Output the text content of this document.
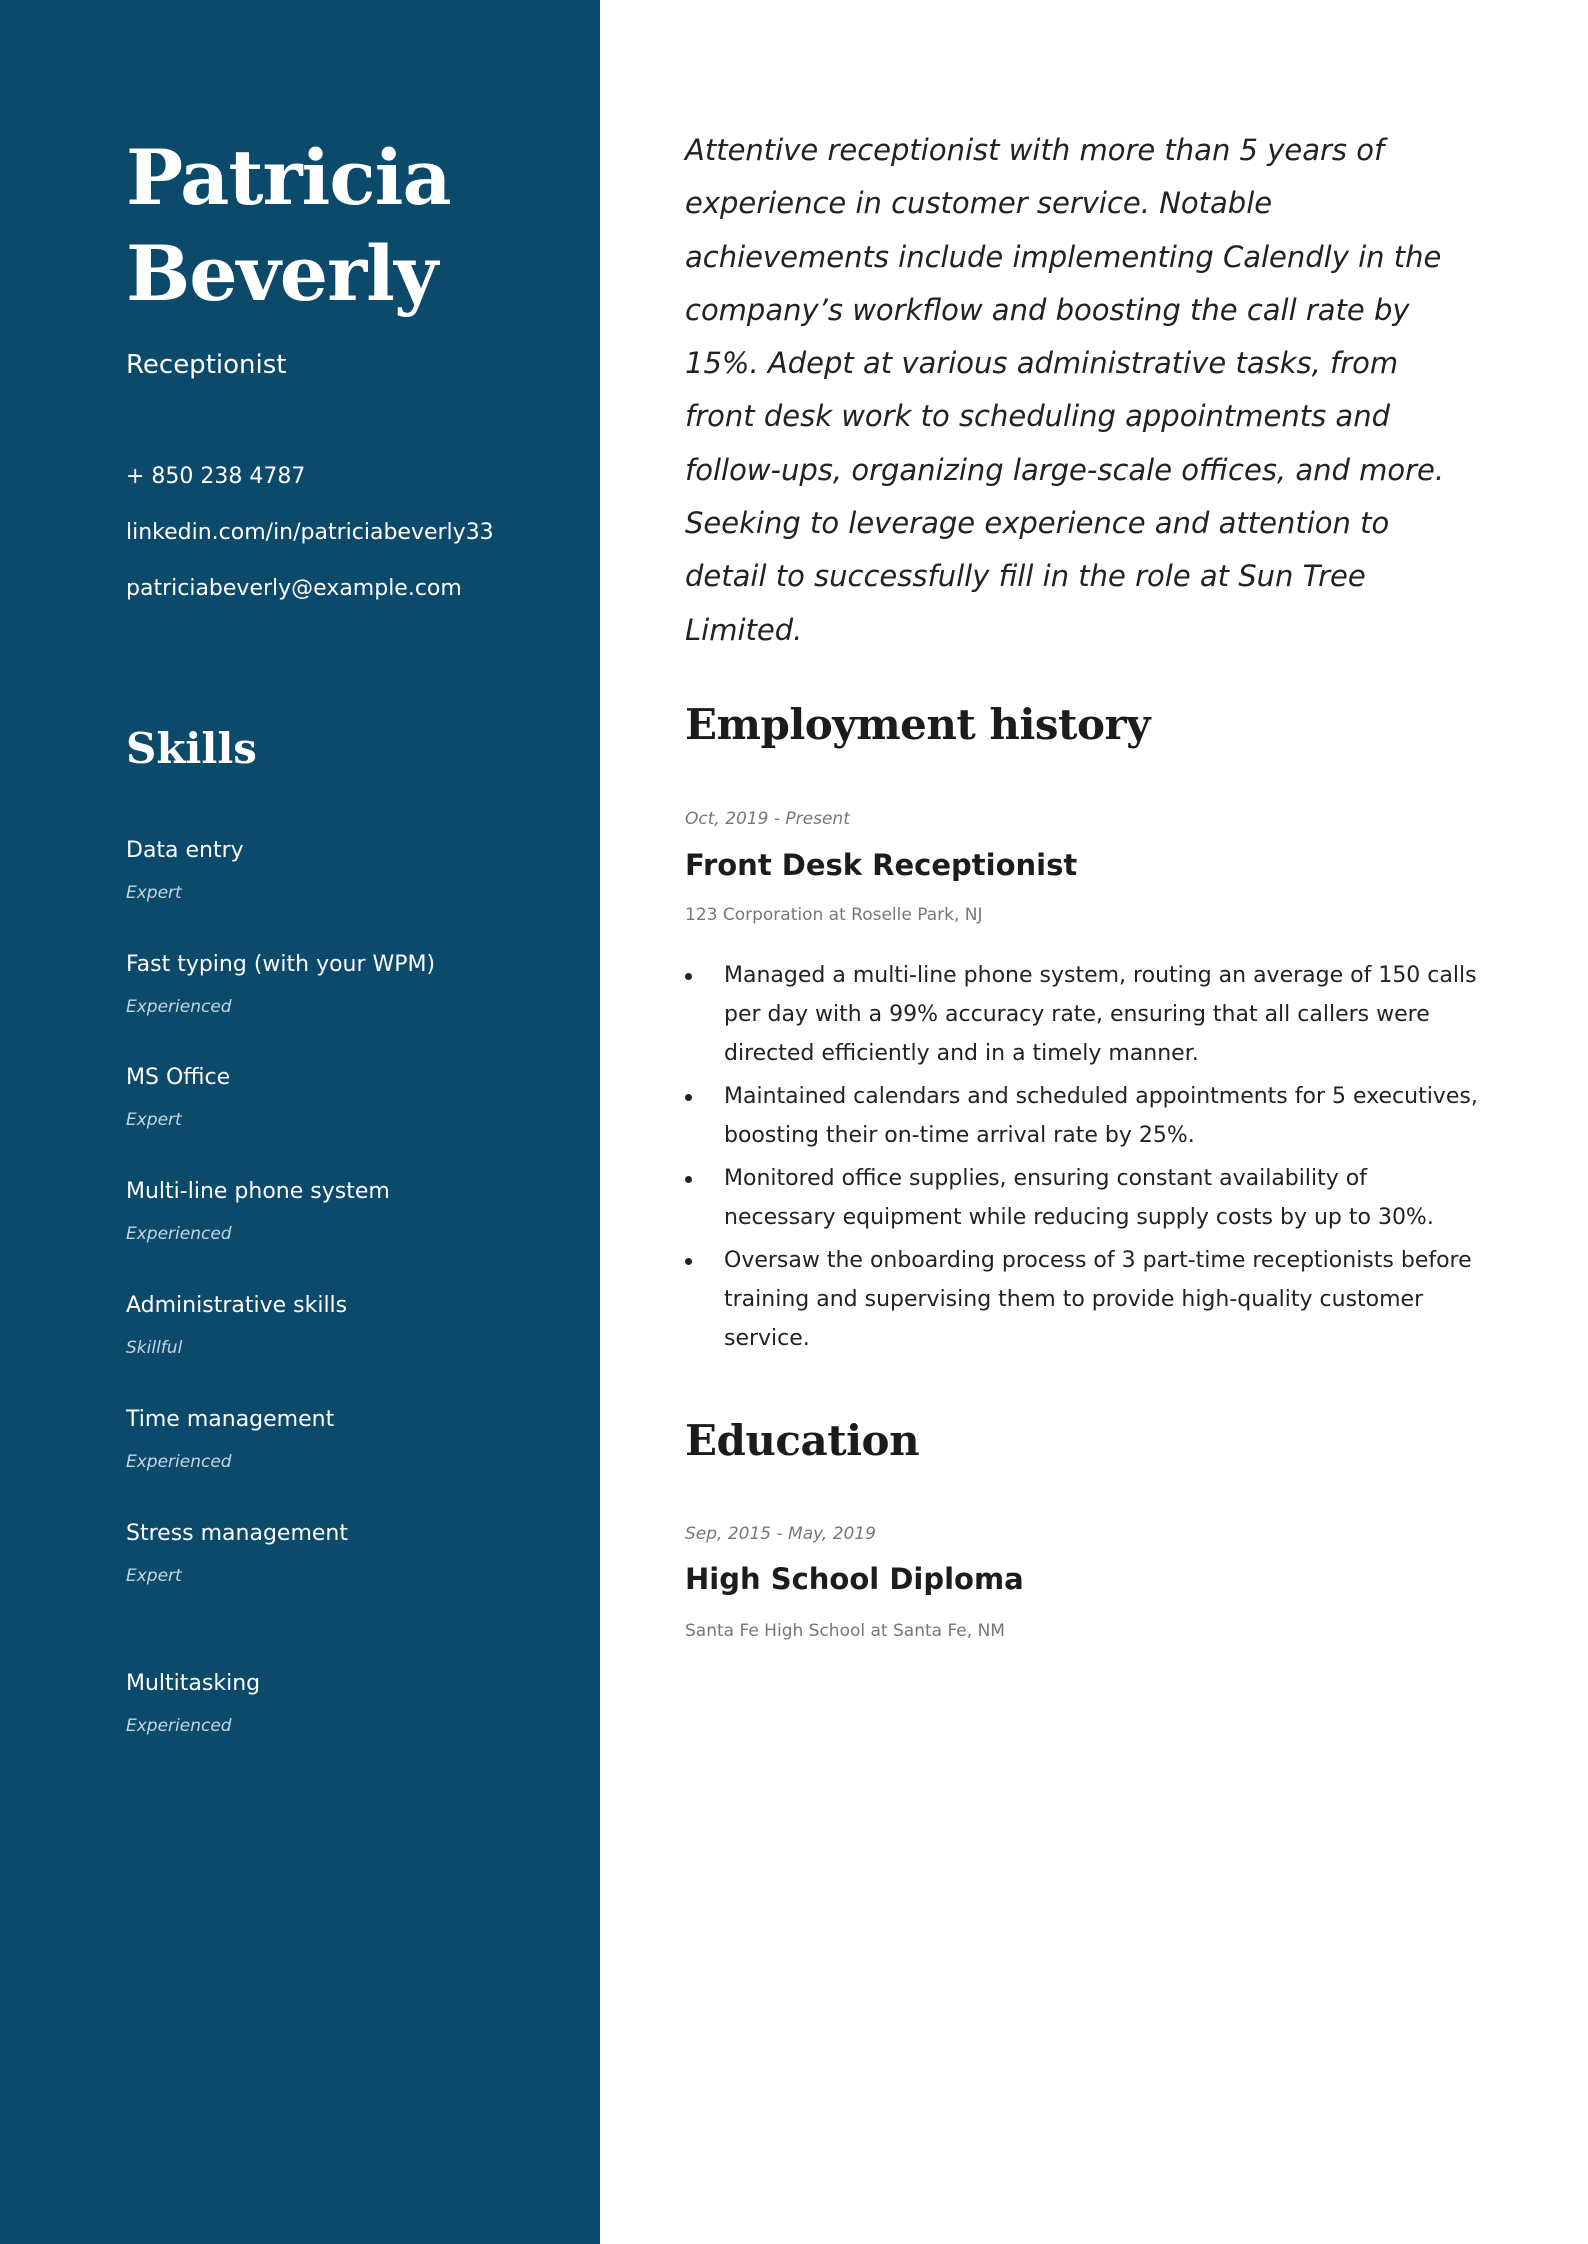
Patricia
Beverly
Receptionist
+ 850 238 4787
linkedin.com/in/patriciabeverly33
patriciabeverly@example.com
Skills
Data entry
Expert
Fast typing (with your WPM)
Experienced
MS Office
Expert
Multi-line phone system
Experienced
Administrative skills
Skillful
Time management
Experienced
Stress management
Expert
Multitasking
Experienced

Attentive receptionist with more than 5 years of experience in customer service. Notable achievements include implementing Calendly in the company’s workflow and boosting the call rate by 15%. Adept at various administrative tasks, from front desk work to scheduling appointments and follow-ups, organizing large-scale offices, and more. Seeking to leverage experience and attention to detail to successfully fill in the role at Sun Tree Limited.

Employment history
Oct, 2019 - Present
Front Desk Receptionist
123 Corporation at Roselle Park, NJ
Managed a multi-line phone system, routing an average of 150 calls per day with a 99% accuracy rate, ensuring that all callers were directed efficiently and in a timely manner.
Maintained calendars and scheduled appointments for 5 executives, boosting their on-time arrival rate by 25%.
Monitored office supplies, ensuring constant availability of necessary equipment while reducing supply costs by up to 30%.
Oversaw the onboarding process of 3 part-time receptionists before training and supervising them to provide high-quality customer service.
Education
Sep, 2015 - May, 2019
High School Diploma
Santa Fe High School at Santa Fe, NM
